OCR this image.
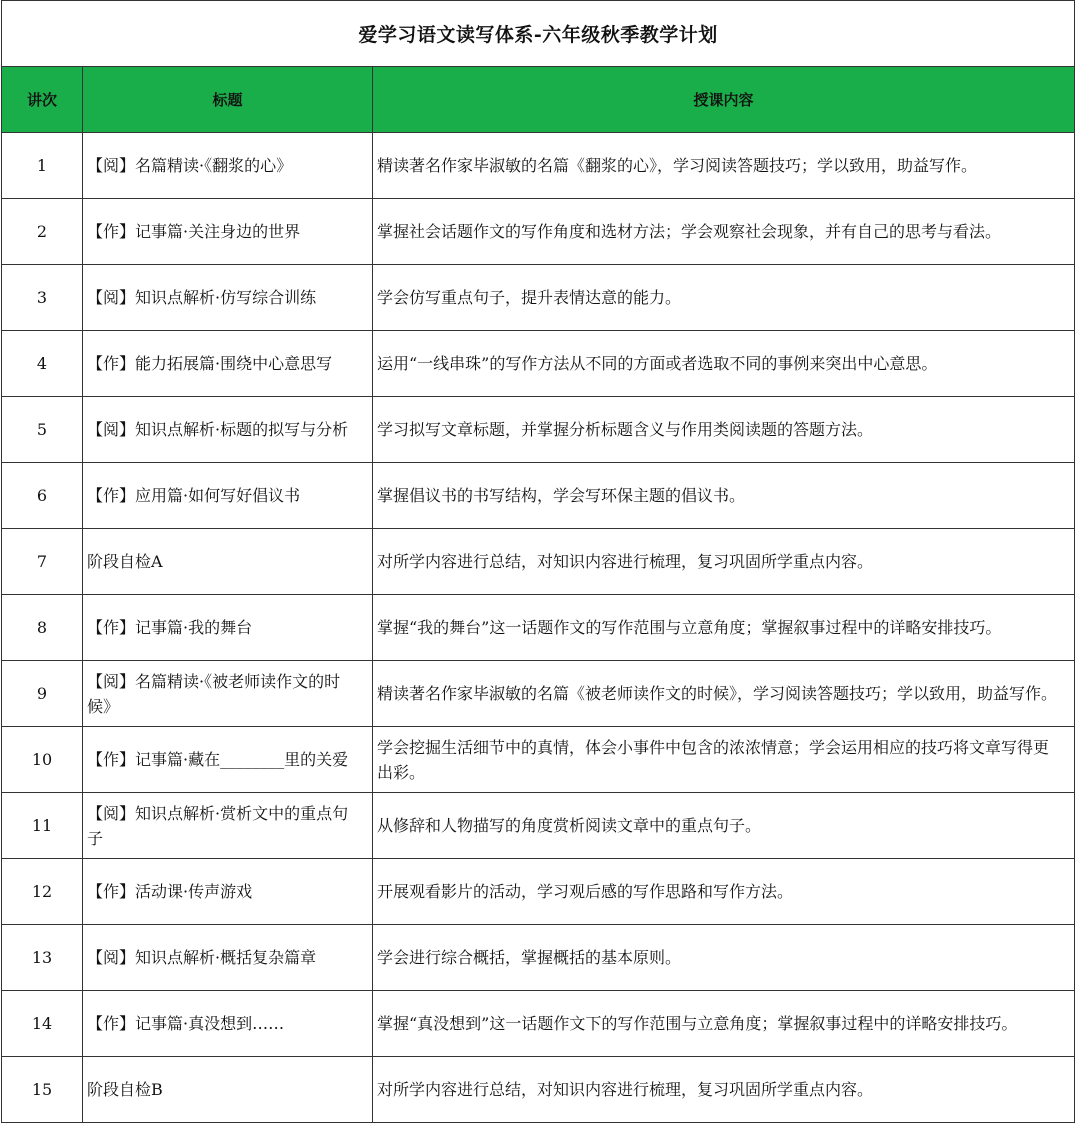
爱学习语文读写体系-六年级秋季教学计划		
讲次	标题	授课内容
1	【阅】名篇精读·《翻浆的心》	精读著名作家毕淑敏的名篇《翻浆的心》，学习阅读答题技巧；学以致用，助益写作。
2	【作】记事篇·关注身边的世界	掌握社会话题作文的写作角度和选材方法；学会观察社会现象，并有自己的思考与看法。
3	【阅】知识点解析·仿写综合训练	学会仿写重点句子，提升表情达意的能力。
4	【作】能力拓展篇·围绕中心意思写	运用“一线串珠”的写作方法从不同的方面或者选取不同的事例来突出中心意思。
5	【阅】知识点解析·标题的拟写与分析	学习拟写文章标题，并掌握分析标题含义与作用类阅读题的答题方法。
6	【作】应用篇·如何写好倡议书	掌握倡议书的书写结构，学会写环保主题的倡议书。
7	阶段自检A	对所学内容进行总结，对知识内容进行梳理，复习巩固所学重点内容。
8	【作】记事篇·我的舞台	掌握“我的舞台”这一话题作文的写作范围与立意角度；掌握叙事过程中的详略安排技巧。
9	【阅】名篇精读·《被老师读作文的时候》	精读著名作家毕淑敏的名篇《被老师读作文的时候》，学习阅读答题技巧；学以致用，助益写作。
10	【作】记事篇·藏在________里的关爱	学会挖掘生活细节中的真情，体会小事件中包含的浓浓情意；学会运用相应的技巧将文章写得更出彩。
11	【阅】知识点解析·赏析文中的重点句子	从修辞和人物描写的角度赏析阅读文章中的重点句子。
12	【作】活动课·传声游戏	开展观看影片的活动，学习观后感的写作思路和写作方法。
13	【阅】知识点解析·概括复杂篇章	学会进行综合概括，掌握概括的基本原则。
14	【作】记事篇·真没想到……	掌握“真没想到”这一话题作文下的写作范围与立意角度；掌握叙事过程中的详略安排技巧。
15	阶段自检B	对所学内容进行总结，对知识内容进行梳理，复习巩固所学重点内容。
